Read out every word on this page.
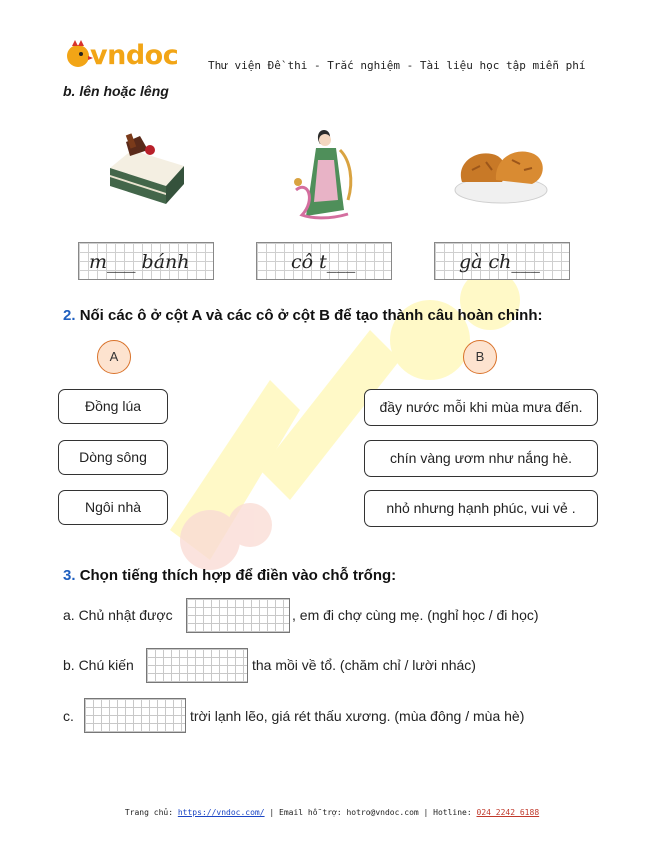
vndoc	Thư viện Đề thi - Trắc nghiệm - Tài liệu học tập miễn phí
b. lên hoặc lêng
m___ bánh	cô t___	gà ch___
2. Nối các ô ở cột A và các cô ở cột B để tạo thành câu hoàn chỉnh:
A	B
Đồng lúa
Dòng sông
Ngôi nhà
đầy nước mỗi khi mùa mưa đến.
chín vàng ươm như nắng hè.
nhỏ nhưng hạnh phúc, vui vẻ .
3. Chọn tiếng thích hợp để điền vào chỗ trống:
a. Chủ nhật được	, em đi chợ cùng mẹ. (nghỉ học / đi học)
b. Chú kiến	tha mồi về tổ. (chăm chỉ / lười nhác)
c.	trời lạnh lẽo, giá rét thấu xương. (mùa đông / mùa hè)
Trang chủ: https://vndoc.com/ | Email hỗ trợ: hotro@vndoc.com | Hotline: 024 2242 6188
